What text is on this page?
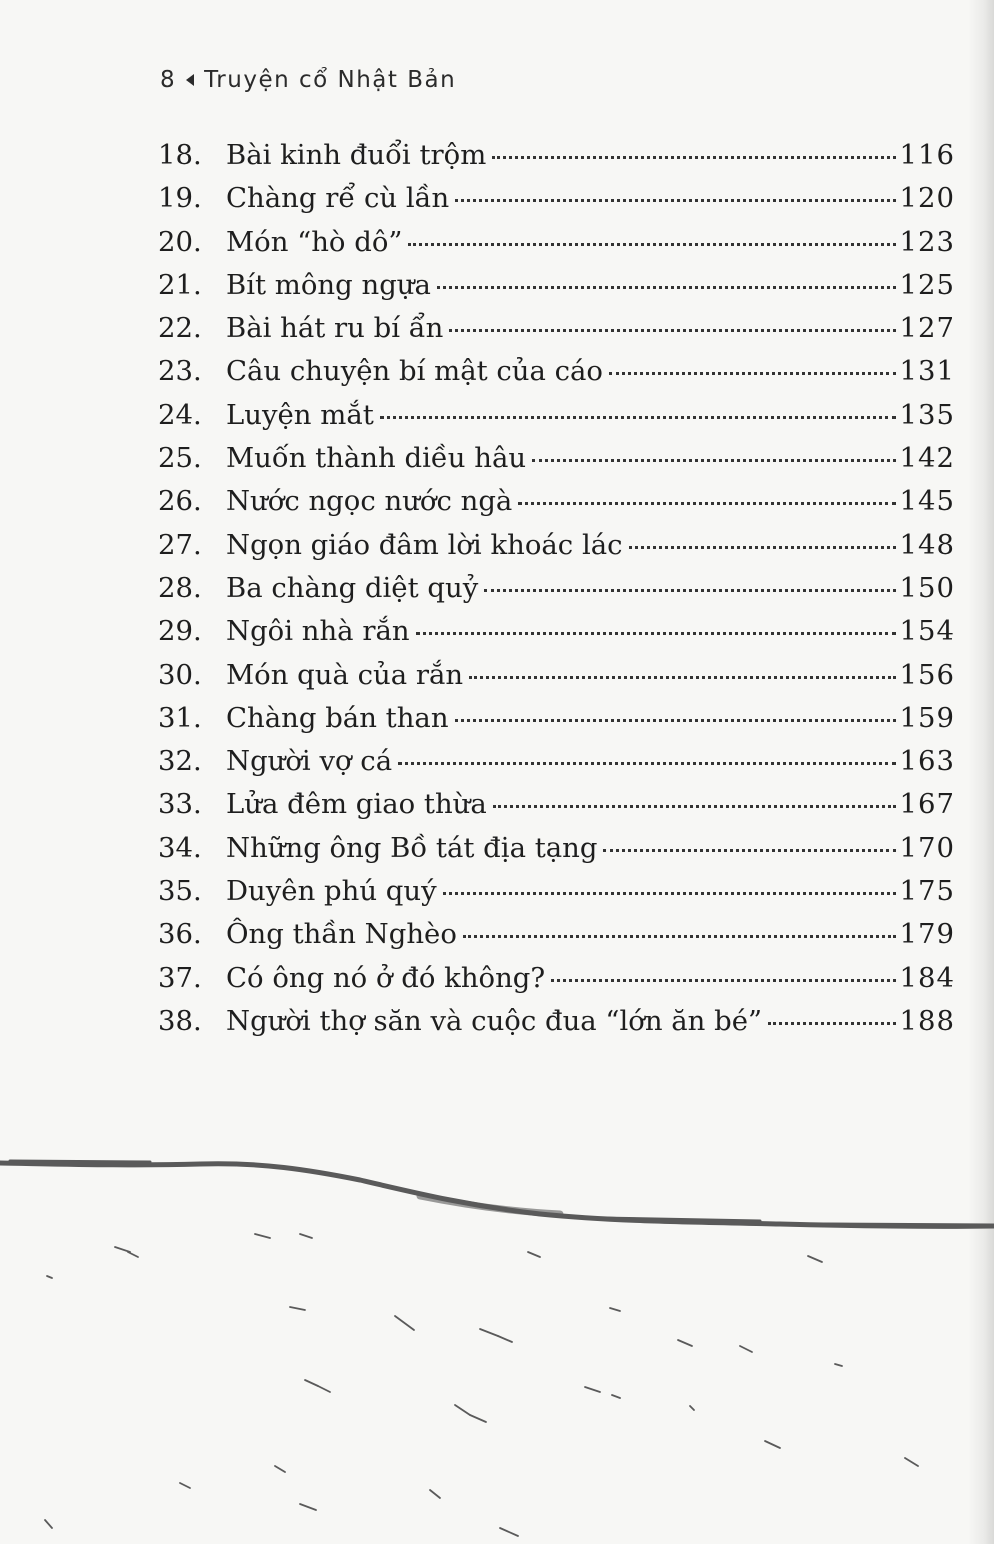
8 Truyện cổ Nhật Bản
18. Bài kinh đuổi trộm	116
19. Chàng rể cù lần	120
20. Món “hò dô”	123
21. Bít mông ngựa	125
22. Bài hát ru bí ẩn	127
23. Câu chuyện bí mật của cáo	131
24. Luyện mắt	135
25. Muốn thành diều hâu	142
26. Nước ngọc nước ngà	145
27. Ngọn giáo đâm lời khoác lác	148
28. Ba chàng diệt quỷ	150
29. Ngôi nhà rắn	154
30. Món quà của rắn	156
31. Chàng bán than	159
32. Người vợ cá	163
33. Lửa đêm giao thừa	167
34. Những ông Bồ tát địa tạng	170
35. Duyên phú quý	175
36. Ông thần Nghèo	179
37. Có ông nó ở đó không?	184
38. Người thợ săn và cuộc đua “lớn ăn bé”	188
